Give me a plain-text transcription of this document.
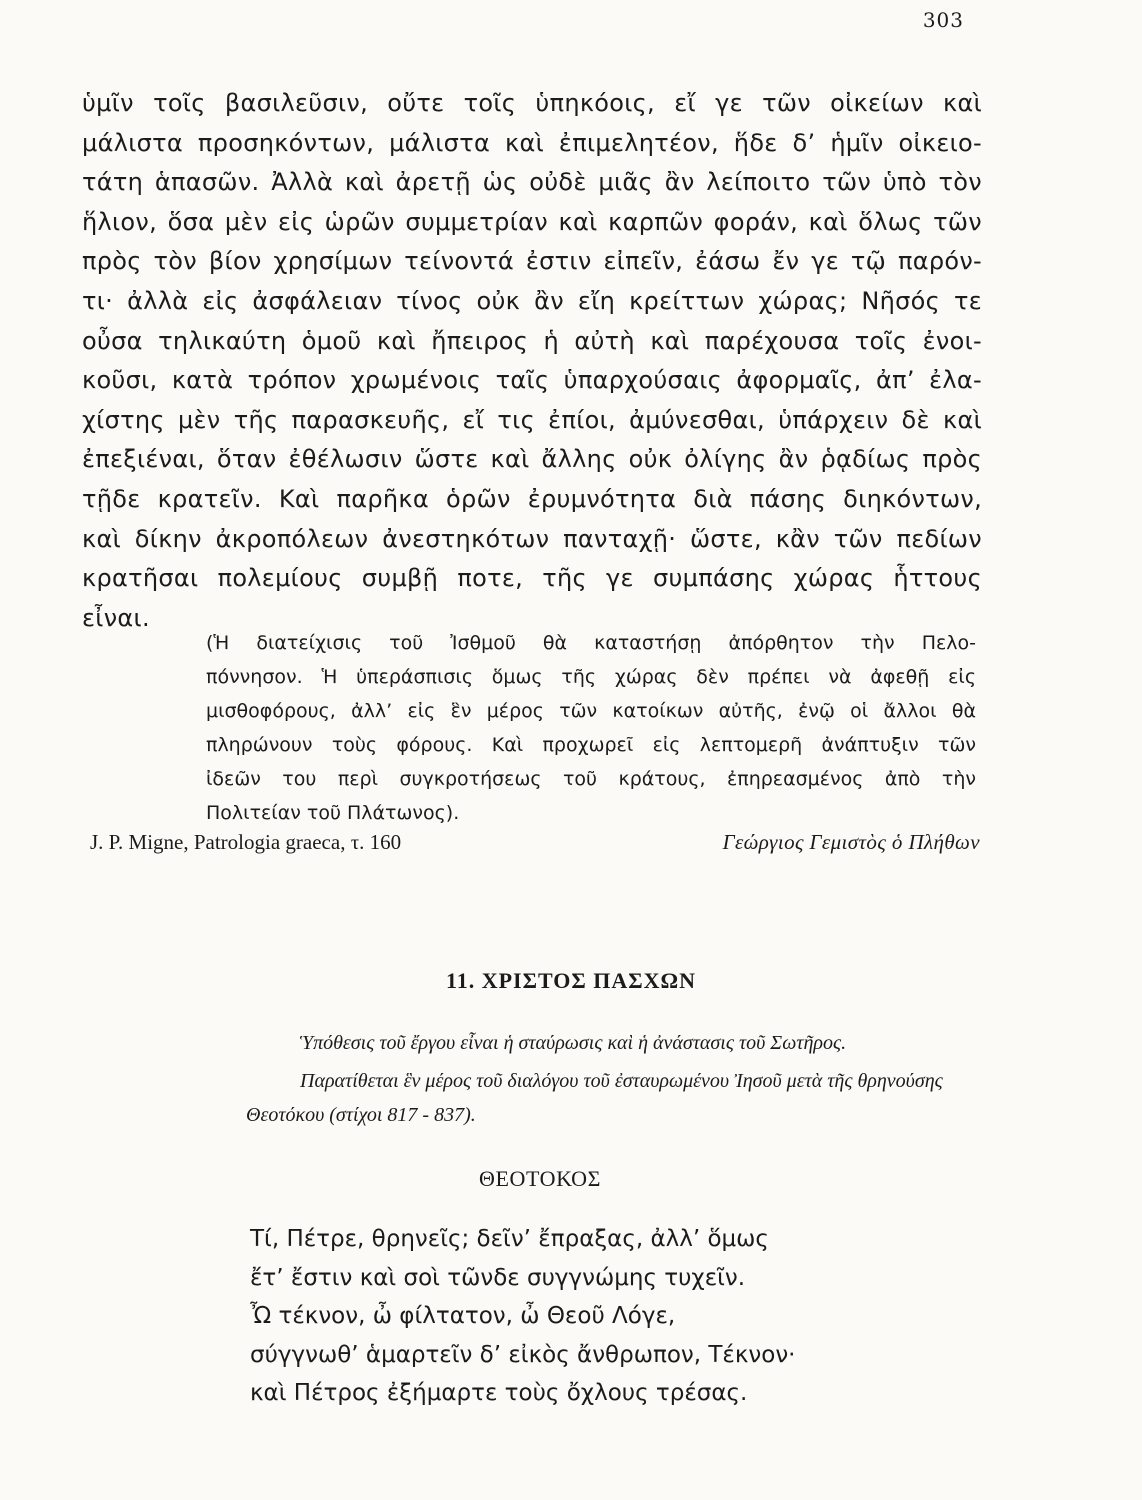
303
ὑμῖν τοῖς βασιλεῦσιν, οὔτε τοῖς ὑπηκόοις, εἴ γε τῶν οἰκείων καὶ
μάλιστα προσηκόντων, μάλιστα καὶ ἐπιμελητέον, ἥδε δ’ ἡμῖν οἰκειο-
τάτη ἁπασῶν. Ἀλλὰ καὶ ἀρετῇ ὡς οὐδὲ μιᾶς ἂν λείποιτο τῶν ὑπὸ τὸν
ἥλιον, ὅσα μὲν εἰς ὡρῶν συμμετρίαν καὶ καρπῶν φοράν, καὶ ὅλως τῶν
πρὸς τὸν βίον χρησίμων τείνοντά ἐστιν εἰπεῖν, ἐάσω ἔν γε τῷ παρόν-
τι· ἀλλὰ εἰς ἀσφάλειαν τίνος οὐκ ἂν εἴη κρείττων χώρας; Νῆσός τε
οὖσα τηλικαύτη ὁμοῦ καὶ ἤπειρος ἡ αὐτὴ καὶ παρέχουσα τοῖς ἐνοι-
κοῦσι, κατὰ τρόπον χρωμένοις ταῖς ὑπαρχούσαις ἀφορμαῖς, ἀπ’ ἐλα-
χίστης μὲν τῆς παρασκευῆς, εἴ τις ἐπίοι, ἀμύνεσθαι, ὑπάρχειν δὲ καὶ
ἐπεξιέναι, ὅταν ἐθέλωσιν ὥστε καὶ ἄλλης οὐκ ὀλίγης ἂν ῥᾳδίως πρὸς
τῇδε κρατεῖν. Καὶ παρῆκα ὁρῶν ἐρυμνότητα διὰ πάσης διηκόντων,
καὶ δίκην ἀκροπόλεων ἀνεστηκότων πανταχῇ· ὥστε, κἂν τῶν πεδίων
κρατῆσαι πολεμίους συμβῇ ποτε, τῆς γε συμπάσης χώρας ἧττους
εἶναι.
(Ἡ διατείχισις τοῦ Ἰσθμοῦ θὰ καταστήσῃ ἀπόρθητον τὴν Πελο-
πόννησον. Ἡ ὑπεράσπισις ὅμως τῆς χώρας δὲν πρέπει νὰ ἀφεθῇ εἰς
μισθοφόρους, ἀλλ’ εἰς ἓν μέρος τῶν κατοίκων αὐτῆς, ἐνῷ οἱ ἄλλοι θὰ
πληρώνουν τοὺς φόρους. Καὶ προχωρεῖ εἰς λεπτομερῆ ἀνάπτυξιν τῶν
ἰδεῶν του περὶ συγκροτήσεως τοῦ κράτους, ἐπηρεασμένος ἀπὸ τὴν
Πολιτείαν τοῦ Πλάτωνος).
J. P. Migne, Patrologia graeca, τ. 160	Γεώργιος Γεμιστὸς ὁ Πλήθων
11. ΧΡΙΣΤΟΣ ΠΑΣΧΩΝ

Ὑπόθεσις τοῦ ἔργου εἶναι ἡ σταύρωσις καὶ ἡ ἀνάστασις τοῦ Σωτῆρος.

Παρατίθεται ἓν μέρος τοῦ διαλόγου τοῦ ἐσταυρωμένου Ἰησοῦ μετὰ τῆς θρηνούσης Θεοτόκου (στίχοι 817 - 837).

ΘΕΟΤΟΚΟΣ
Τί, Πέτρε, θρηνεῖς; δεῖν’ ἔπραξας, ἀλλ’ ὅμως
ἔτ’ ἔστιν καὶ σοὶ τῶνδε συγγνώμης τυχεῖν.
Ὦ τέκνον, ὦ φίλτατον, ὦ Θεοῦ Λόγε,
σύγγνωθ’ ἁμαρτεῖν δ’ εἰκὸς ἄνθρωπον, Τέκνον·
καὶ Πέτρος ἐξήμαρτε τοὺς ὄχλους τρέσας.
